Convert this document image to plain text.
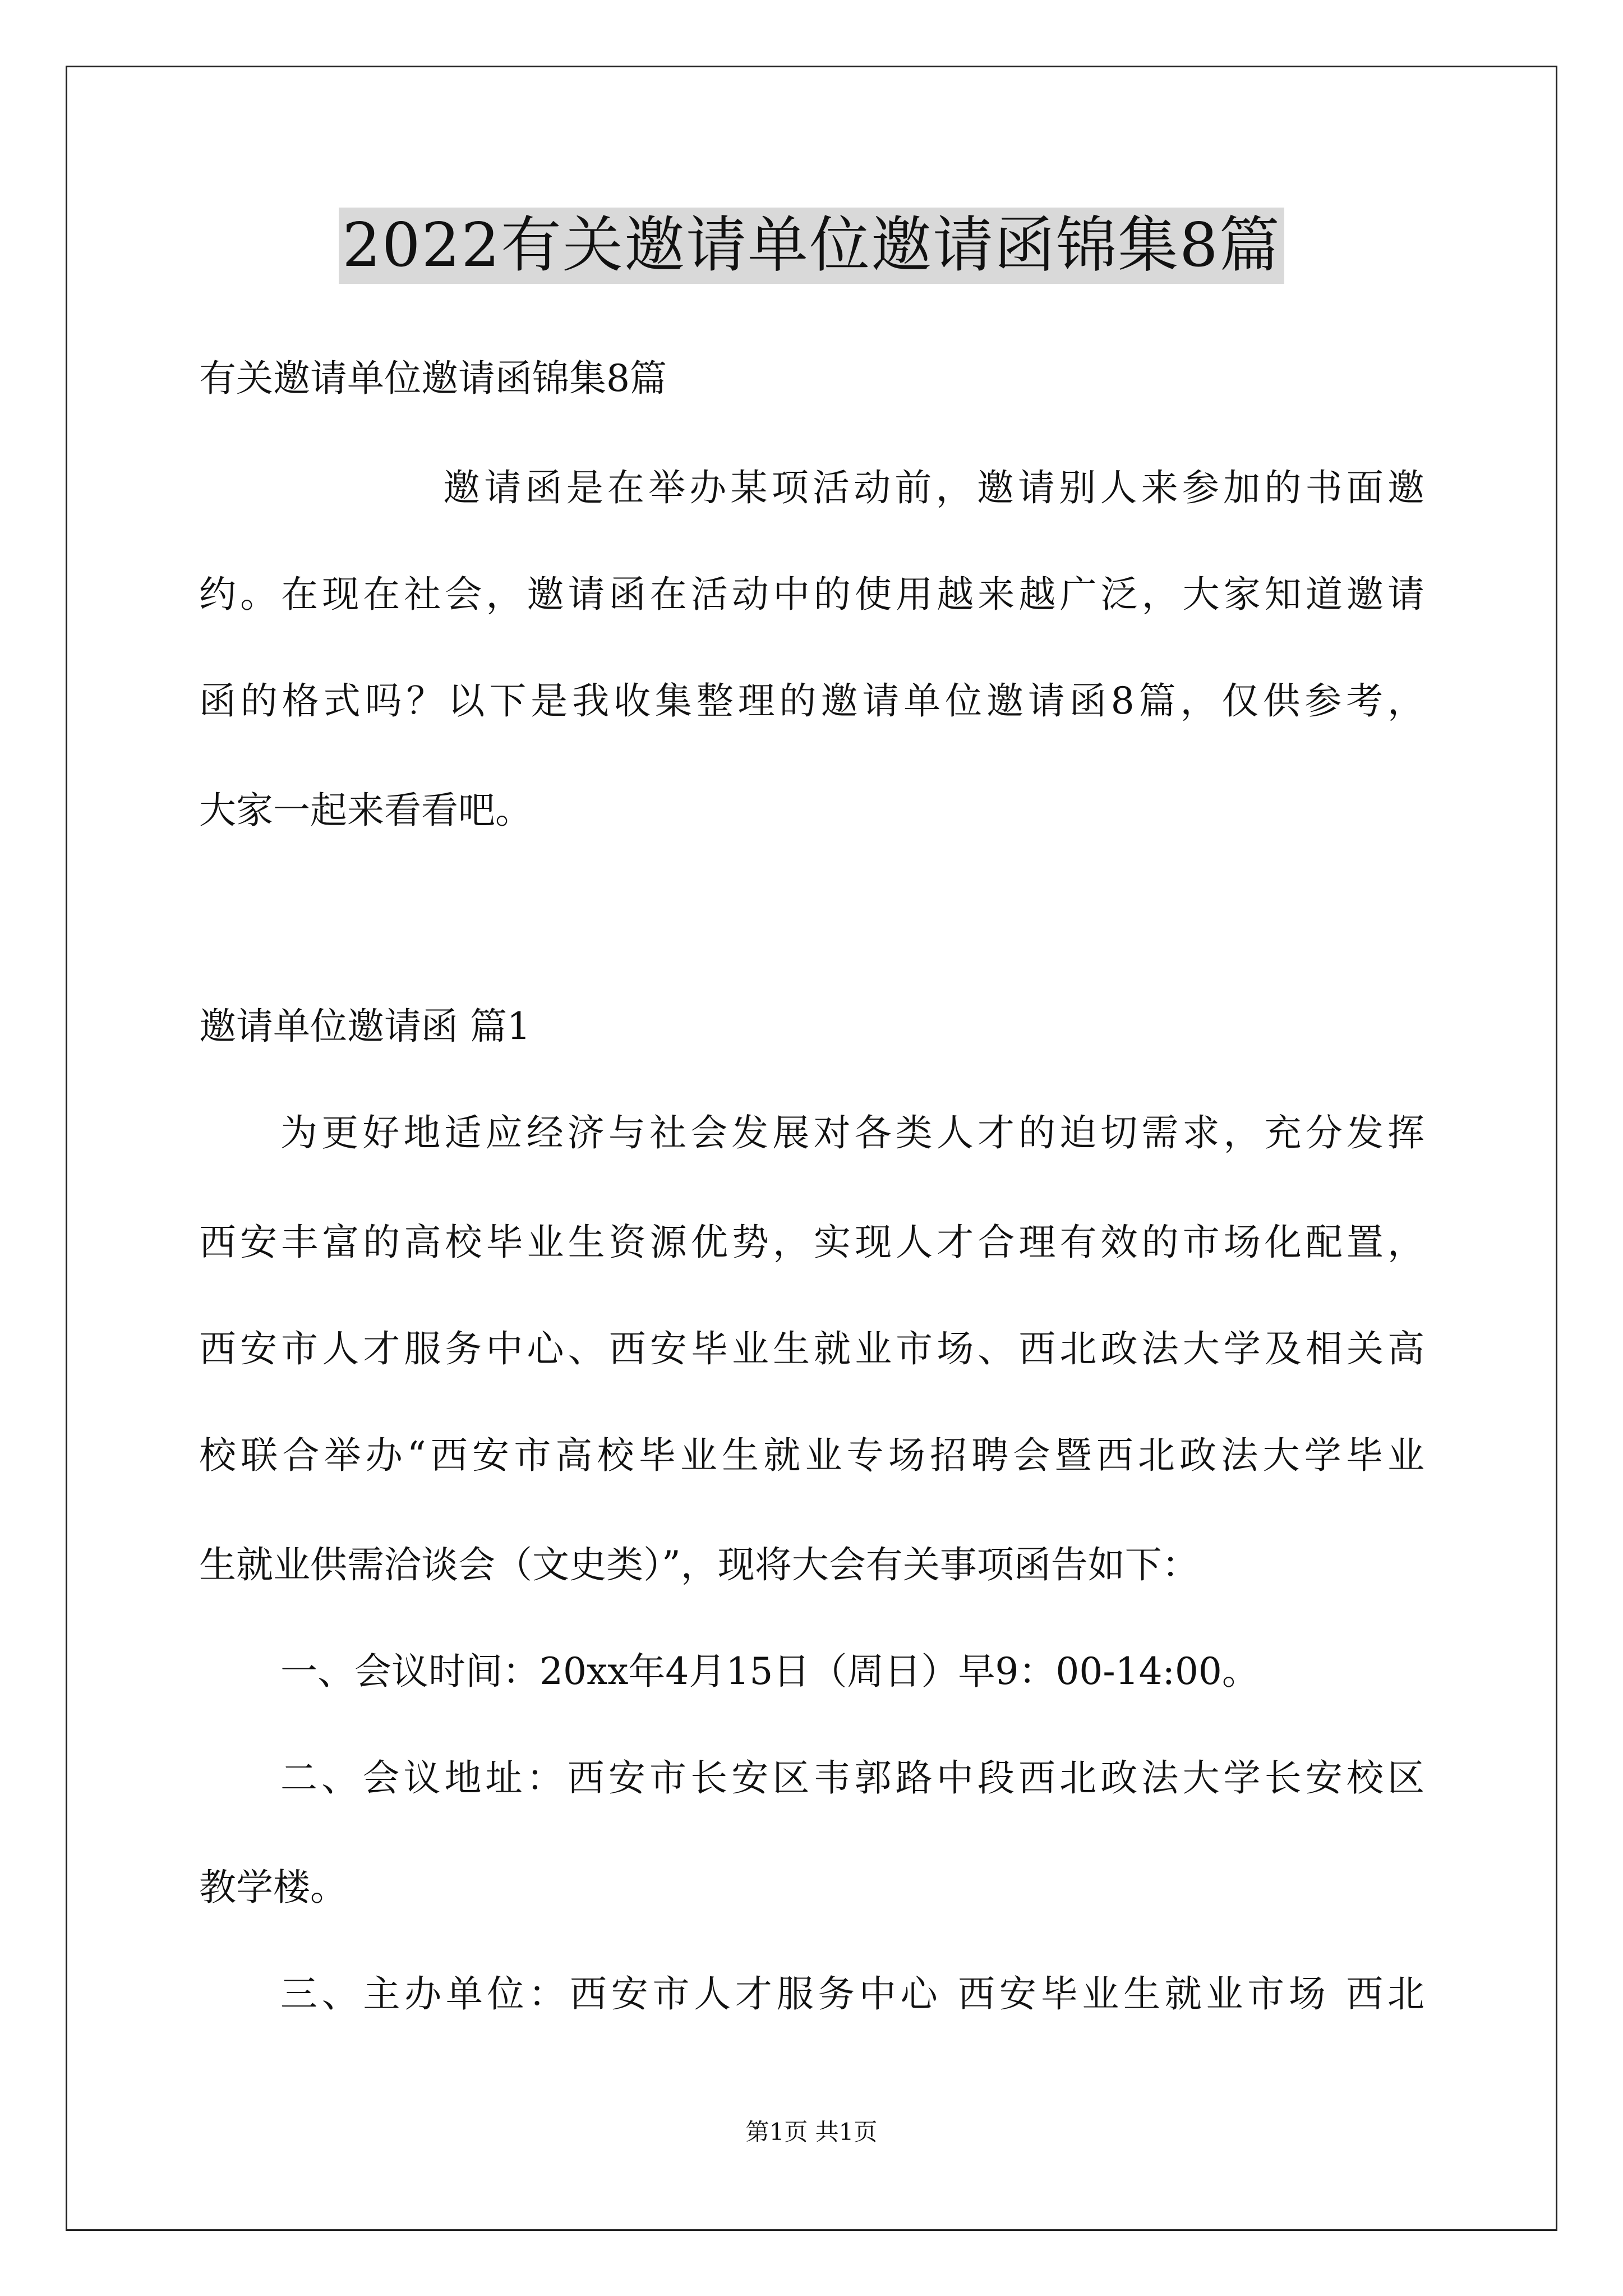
2022有关邀请单位邀请函锦集8篇
有关邀请单位邀请函锦集8篇
邀请函是在举办某项活动前，邀请别人来参加的书面邀
约。在现在社会，邀请函在活动中的使用越来越广泛，大家知道邀请
函的格式吗？以下是我收集整理的邀请单位邀请函8篇，仅供参考，
大家一起来看看吧。
邀请单位邀请函 篇1
为更好地适应经济与社会发展对各类人才的迫切需求，充分发挥
西安丰富的高校毕业生资源优势，实现人才合理有效的市场化配置，
西安市人才服务中心、西安毕业生就业市场、西北政法大学及相关高
校联合举办“西安市高校毕业生就业专场招聘会暨西北政法大学毕业
生就业供需洽谈会（文史类）”，现将大会有关事项函告如下：
一、会议时间：20xx年4月15日（周日）早9：00-14:00。
二、会议地址：西安市长安区韦郭路中段西北政法大学长安校区
教学楼。
三、主办单位：西安市人才服务中心 西安毕业生就业市场 西北
第1页 共1页
